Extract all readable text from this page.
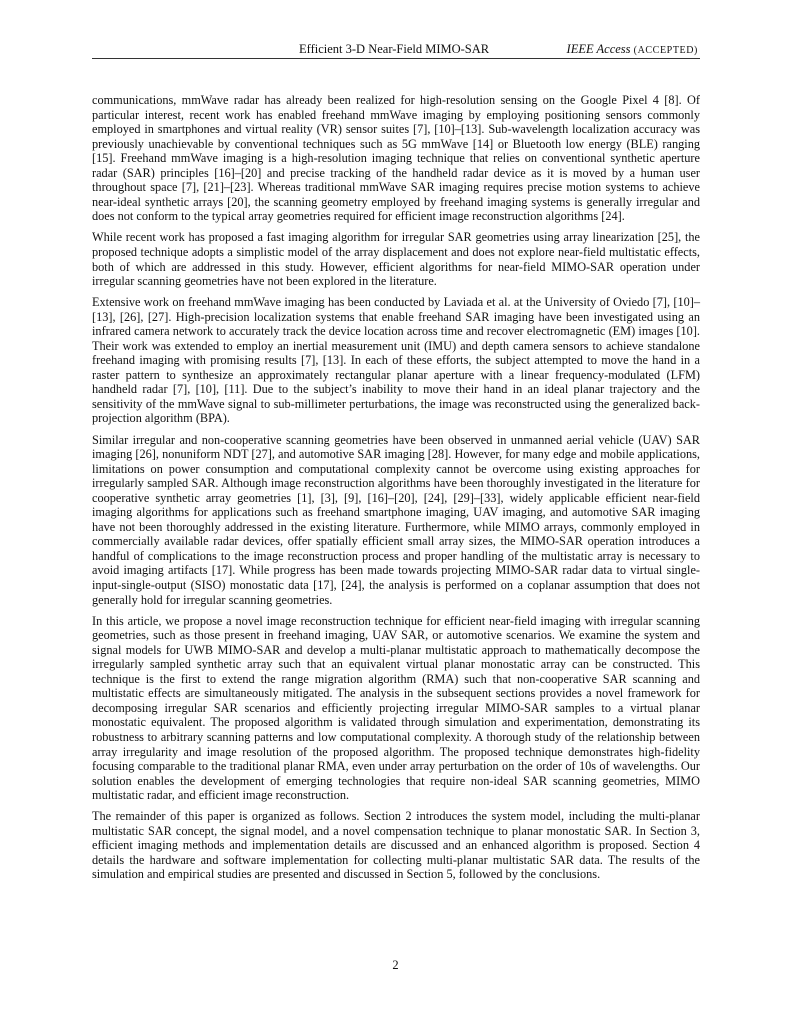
Efficient 3-D Near-Field MIMO-SAR	IEEE Access (ACCEPTED)

communications, mmWave radar has already been realized for high-resolution sensing on the Google Pixel 4 [8]. Of particular interest, recent work has enabled freehand mmWave imaging by employing positioning sensors commonly employed in smartphones and virtual reality (VR) sensor suites [7], [10]–[13]. Sub-wavelength localization accuracy was previously unachievable by conventional techniques such as 5G mmWave [14] or Bluetooth low energy (BLE) ranging [15]. Freehand mmWave imaging is a high-resolution imaging technique that relies on conventional synthetic aperture radar (SAR) principles [16]–[20] and precise tracking of the handheld radar device as it is moved by a human user throughout space [7], [21]–[23]. Whereas traditional mmWave SAR imaging requires precise motion systems to achieve near-ideal synthetic arrays [20], the scanning geometry employed by freehand imaging systems is generally irregular and does not conform to the typical array geometries required for efficient image reconstruction algorithms [24].

While recent work has proposed a fast imaging algorithm for irregular SAR geometries using array linearization [25], the proposed technique adopts a simplistic model of the array displacement and does not explore near-field multistatic effects, both of which are addressed in this study. However, efficient algorithms for near-field MIMO-SAR operation under irregular scanning geometries have not been explored in the literature.

Extensive work on freehand mmWave imaging has been conducted by Laviada et al. at the University of Oviedo [7], [10]–[13], [26], [27]. High-precision localization systems that enable freehand SAR imaging have been investigated using an infrared camera network to accurately track the device location across time and recover electromagnetic (EM) images [10]. Their work was extended to employ an inertial measurement unit (IMU) and depth camera sensors to achieve standalone freehand imaging with promising results [7], [13]. In each of these efforts, the subject attempted to move the hand in a raster pattern to synthesize an approximately rectangular planar aperture with a linear frequency-modulated (LFM) handheld radar [7], [10], [11]. Due to the subject’s inability to move their hand in an ideal planar trajectory and the sensitivity of the mmWave signal to sub-millimeter perturbations, the image was reconstructed using the generalized back-projection algorithm (BPA).

Similar irregular and non-cooperative scanning geometries have been observed in unmanned aerial vehicle (UAV) SAR imaging [26], nonuniform NDT [27], and automotive SAR imaging [28]. However, for many edge and mobile applications, limitations on power consumption and computational complexity cannot be overcome using existing approaches for irregularly sampled SAR. Although image reconstruction algorithms have been thoroughly investigated in the literature for cooperative synthetic array geometries [1], [3], [9], [16]–[20], [24], [29]–[33], widely applicable efficient near-field imaging algorithms for applications such as freehand smartphone imaging, UAV imaging, and automotive SAR imaging have not been thoroughly addressed in the existing literature. Furthermore, while MIMO arrays, commonly employed in commercially available radar devices, offer spatially efficient small array sizes, the MIMO-SAR operation introduces a handful of complications to the image reconstruction process and proper handling of the multistatic array is necessary to avoid imaging artifacts [17]. While progress has been made towards projecting MIMO-SAR radar data to virtual single-input-single-output (SISO) monostatic data [17], [24], the analysis is performed on a coplanar assumption that does not generally hold for irregular scanning geometries.

In this article, we propose a novel image reconstruction technique for efficient near-field imaging with irregular scanning geometries, such as those present in freehand imaging, UAV SAR, or automotive scenarios. We examine the system and signal models for UWB MIMO-SAR and develop a multi-planar multistatic approach to mathematically decompose the irregularly sampled synthetic array such that an equivalent virtual planar monostatic array can be constructed. This technique is the first to extend the range migration algorithm (RMA) such that non-cooperative SAR scanning and multistatic effects are simultaneously mitigated. The analysis in the subsequent sections provides a novel framework for decomposing irregular SAR scenarios and efficiently projecting irregular MIMO-SAR samples to a virtual planar monostatic equivalent. The proposed algorithm is validated through simulation and experimentation, demonstrating its robustness to arbitrary scanning patterns and low computational complexity. A thorough study of the relationship between array irregularity and image resolution of the proposed algorithm. The proposed technique demonstrates high-fidelity focusing comparable to the traditional planar RMA, even under array perturbation on the order of 10s of wavelengths. Our solution enables the development of emerging technologies that require non-ideal SAR scanning geometries, MIMO multistatic radar, and efficient image reconstruction.

The remainder of this paper is organized as follows. Section 2 introduces the system model, including the multi-planar multistatic SAR concept, the signal model, and a novel compensation technique to planar monostatic SAR. In Section 3, efficient imaging methods and implementation details are discussed and an enhanced algorithm is proposed. Section 4 details the hardware and software implementation for collecting multi-planar multistatic SAR data. The results of the simulation and empirical studies are presented and discussed in Section 5, followed by the conclusions.

2
